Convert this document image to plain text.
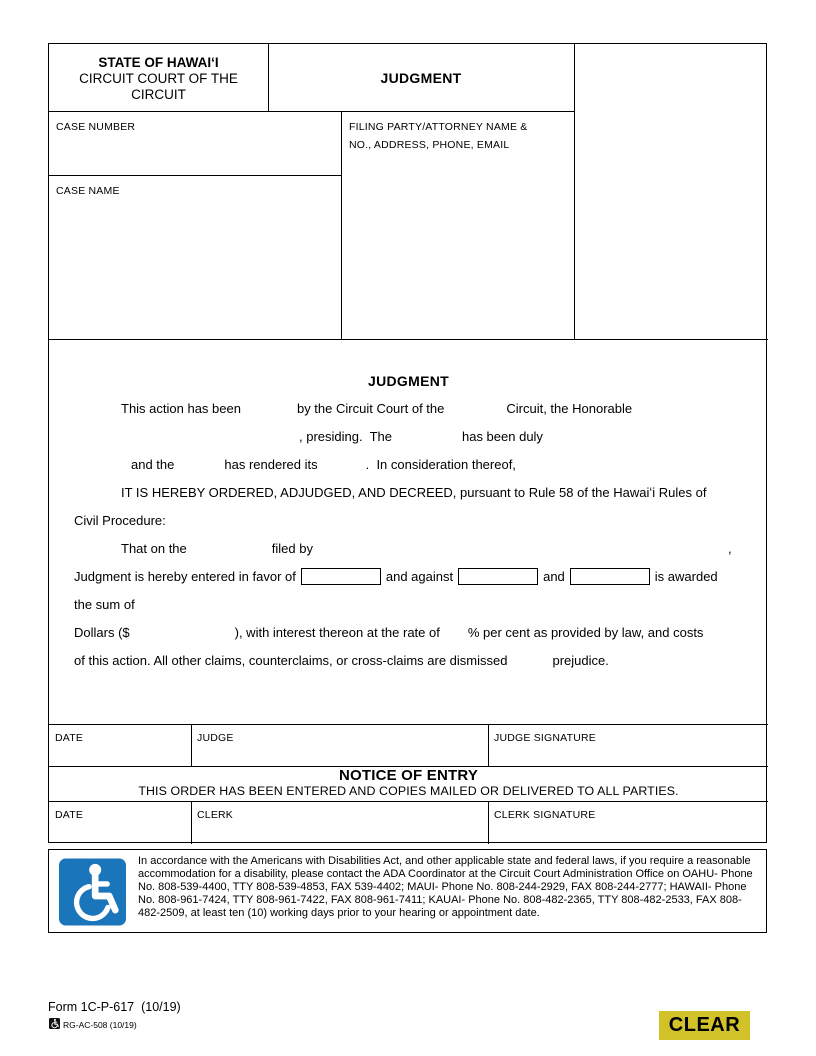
STATE OF HAWAIʻI
CIRCUIT COURT OF THE
CIRCUIT
JUDGMENT
CASE NUMBER	FILING PARTY/ATTORNEY NAME &
NO., ADDRESS, PHONE, EMAIL
CASE NAME
JUDGMENT
This action has been	by the Circuit Court of the	Circuit, the Honorable
, presiding.  The	has been duly
and the	has rendered its	.  In consideration thereof,
IT IS HEREBY ORDERED, ADJUDGED, AND DECREED, pursuant to Rule 58 of the Hawaiʻi Rules of
Civil Procedure:
That on the	filed by	,
Judgment is hereby entered in favor of	and against	and	is awarded
the sum of
Dollars ($	), with interest thereon at the rate of % per cent as provided by law, and costs
of this action. All other claims, counterclaims, or cross-claims are dismissed	prejudice.
DATE	JUDGE	JUDGE SIGNATURE
NOTICE OF ENTRY
THIS ORDER HAS BEEN ENTERED AND COPIES MAILED OR DELIVERED TO ALL PARTIES.
DATE	CLERK	CLERK SIGNATURE
In accordance with the Americans with Disabilities Act, and other applicable state and federal laws, if you require a reasonable accommodation for a disability, please contact the ADA Coordinator at the Circuit Court Administration Office on OAHU- Phone No. 808-539-4400, TTY 808-539-4853, FAX 539-4402; MAUI- Phone No. 808-244-2929, FAX 808-244-2777; HAWAII- Phone No. 808-961-7424, TTY 808-961-7422, FAX 808-961-7411; KAUAI- Phone No. 808-482-2365, TTY 808-482-2533, FAX 808-482-2509, at least ten (10) working days prior to your hearing or appointment date.
Form 1C-P-617  (10/19)
RG-AC-508 (10/19)	CLEAR
